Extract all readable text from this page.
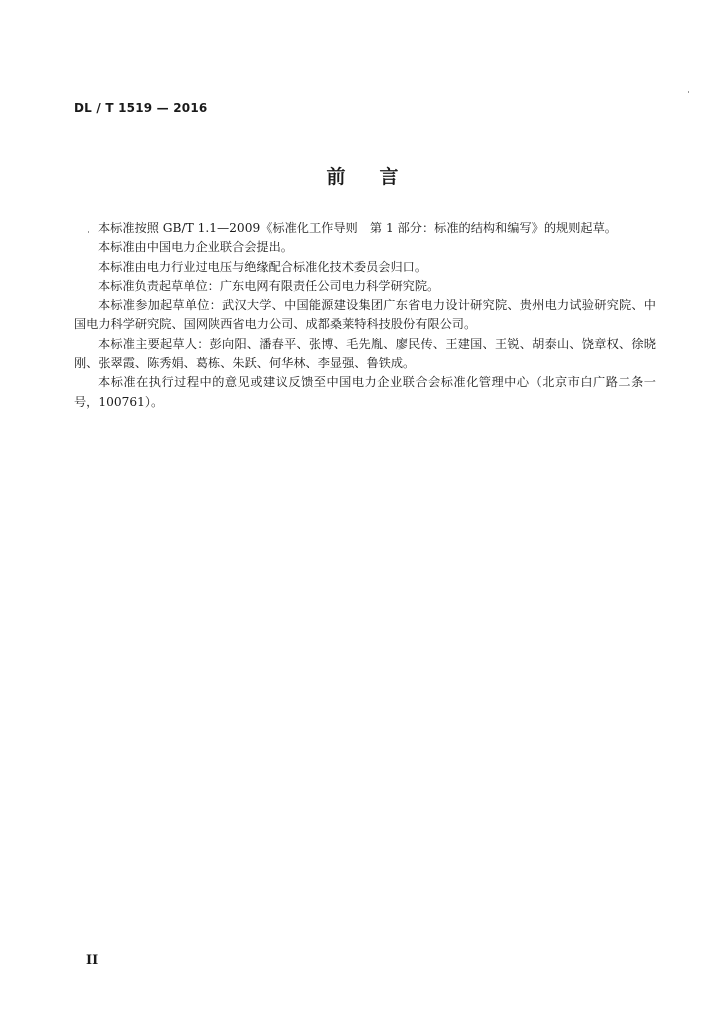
DL / T 1519 — 2016
前言

本标准按照 GB/T 1.1—2009《标准化工作导则　第 1 部分：标准的结构和编写》的规则起草。

本标准由中国电力企业联合会提出。

本标准由电力行业过电压与绝缘配合标准化技术委员会归口。

本标准负责起草单位：广东电网有限责任公司电力科学研究院。

本标准参加起草单位：武汉大学、中国能源建设集团广东省电力设计研究院、贵州电力试验研究院、中国电力科学研究院、国网陕西省电力公司、成都桑莱特科技股份有限公司。

本标准主要起草人：彭向阳、潘春平、张博、毛先胤、廖民传、王建国、王锐、胡泰山、饶章权、徐晓刚、张翠霞、陈秀娟、葛栋、朱跃、何华林、李显强、鲁铁成。

本标准在执行过程中的意见或建议反馈至中国电力企业联合会标准化管理中心（北京市白广路二条一号，100761）。

II
